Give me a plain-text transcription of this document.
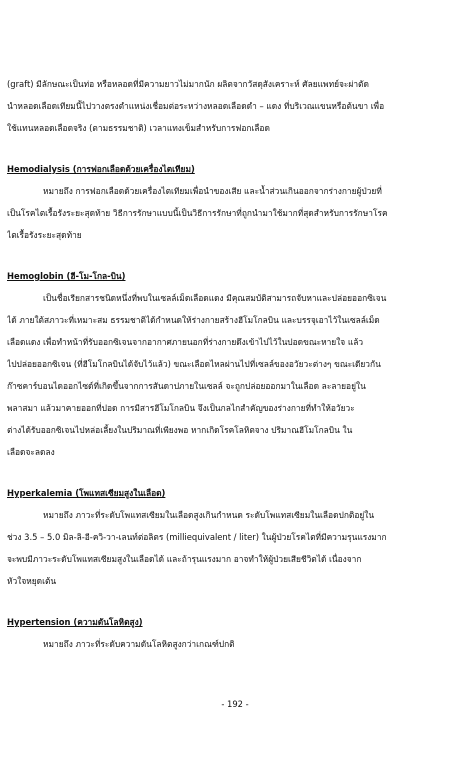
(graft) มีลักษณะเป็นท่อ หรือหลอดที่มีความยาวไม่มากนัก ผลิตจากวัสดุสังเคราะห์ ศัลยแพทย์จะผ่าตัด
นำหลอดเลือดเทียมนี้ไปวางตรงตำแหน่งเชื่อมต่อระหว่างหลอดเลือดดำ – แดง ที่บริเวณแขนหรือต้นขา เพื่อ
ใช้แทนหลอดเลือดจริง (ตามธรรมชาติ) เวลาแทงเข็มสำหรับการฟอกเลือด
Hemodialysis (การฟอกเลือดด้วยเครื่องไตเทียม)
หมายถึง การฟอกเลือดด้วยเครื่องไตเทียมเพื่อนำของเสีย และน้ำส่วนเกินออกจากร่างกายผู้ป่วยที่
เป็นโรคไตเรื้อรังระยะสุดท้าย วิธีการรักษาแบบนี้เป็นวิธีการรักษาที่ถูกนำมาใช้มากที่สุดสำหรับการรักษาโรค
ไตเรื้อรังระยะสุดท้าย
Hemoglobin (ฮี-โม-โกล-บิน)
เป็นชื่อเรียกสารชนิดหนึ่งที่พบในเซลล์เม็ดเลือดแดง มีคุณสมบัติสามารถจับหาและปล่อยออกซิเจน
ได้ ภายใต้สภาวะที่เหมาะสม ธรรมชาติได้กำหนดให้ร่างกายสร้างฮีโมโกลบิน และบรรจุเอาไว้ในเซลล์เม็ด
เลือดแดง เพื่อทำหน้าที่รับออกซิเจนจากอากาศภายนอกที่ร่างกายดึงเข้าไปไว้ในปอดขณะหายใจ แล้ว
ไปปล่อยออกซิเจน (ที่ฮีโมโกลบินได้จับไว้แล้ว) ขณะเลือดไหลผ่านไปที่เซลล์ของอวัยวะต่างๆ ขณะเดียวกัน
ก๊าซคาร์บอนไดออกไซด์ที่เกิดขึ้นจากการสันดาปภายในเซลล์ จะถูกปล่อยออกมาในเลือด ละลายอยู่ใน
พลาสมา แล้วมาคายออกที่ปอด การมีสารฮีโมโกลบิน จึงเป็นกลไกสำคัญของร่างกายที่ทำให้อวัยวะ
ต่างได้รับออกซิเจนไปหล่อเลี้ยงในปริมาณที่เพียงพอ หากเกิดโรคโลหิตจาง ปริมาณฮีโมโกลบิน ใน
เลือดจะลดลง
Hyperkalemia (โพแทสเซียมสูงในเลือด)
หมายถึง ภาวะที่ระดับโพแทสเซียมในเลือดสูงเกินกำหนด ระดับโพแทสเซียมในเลือดปกติอยู่ใน
ช่วง 3.5 – 5.0 มิล-ลิ-อี-ควิ-วา-เลนท์ต่อลิตร (milliequivalent / liter) ในผู้ป่วยโรคไตที่มีความรุนแรงมาก
จะพบมีภาวะระดับโพแทสเซียมสูงในเลือดได้ และถ้ารุนแรงมาก อาจทำให้ผู้ป่วยเสียชีวิตได้ เนื่องจาก
หัวใจหยุดเต้น
Hypertension (ความดันโลหิตสูง)
หมายถึง ภาวะที่ระดับความดันโลหิตสูงกว่าเกณฑ์ปกติ
- 192 -
